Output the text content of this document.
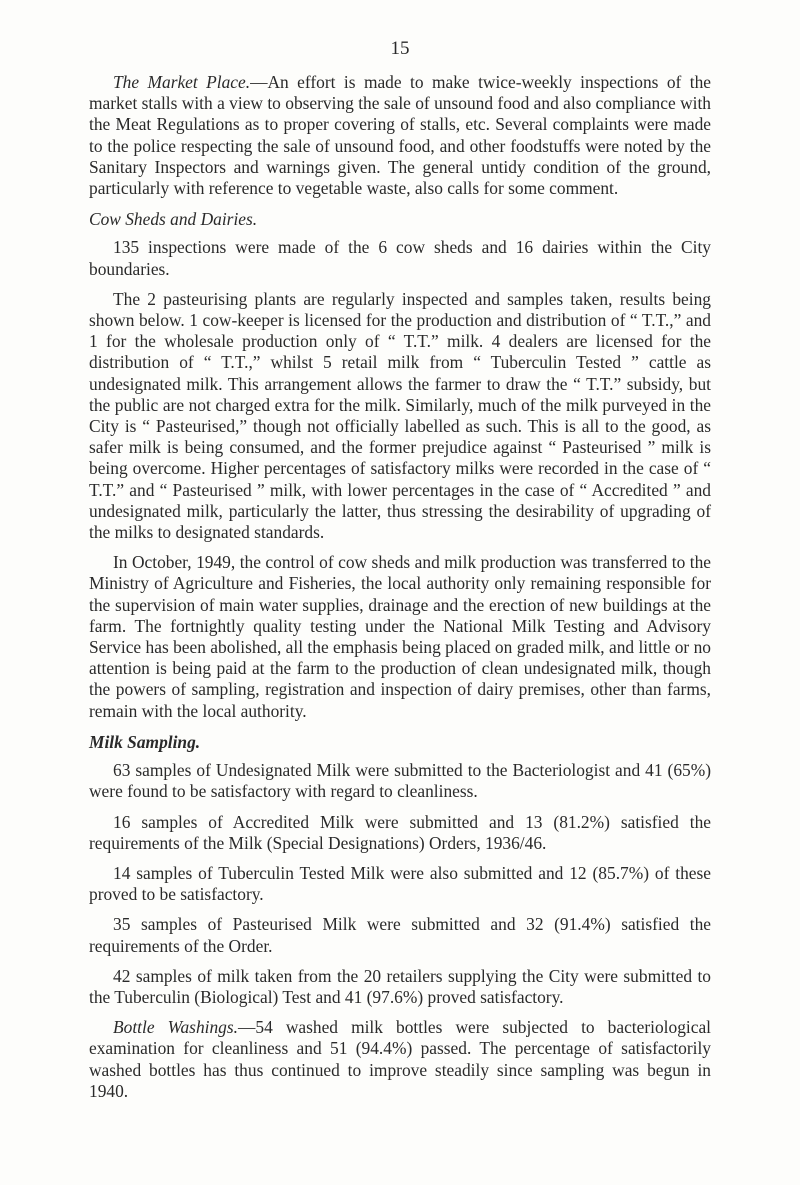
15

The Market Place.—An effort is made to make twice-weekly inspections of the market stalls with a view to observing the sale of unsound food and also compliance with the Meat Regulations as to proper covering of stalls, etc. Several complaints were made to the police respecting the sale of unsound food, and other foodstuffs were noted by the Sanitary Inspectors and warnings given. The general untidy condition of the ground, particularly with reference to vegetable waste, also calls for some comment.

Cow Sheds and Dairies.

135 inspections were made of the 6 cow sheds and 16 dairies within the City boundaries.

The 2 pasteurising plants are regularly inspected and samples taken, results being shown below. 1 cow-keeper is licensed for the production and distribution of “ T.T.,” and 1 for the wholesale production only of “ T.T.” milk. 4 dealers are licensed for the distribution of “ T.T.,” whilst 5 retail milk from “ Tuberculin Tested ” cattle as undesignated milk. This arrangement allows the farmer to draw the “ T.T.” subsidy, but the public are not charged extra for the milk. Similarly, much of the milk purveyed in the City is “ Pasteurised,” though not officially labelled as such. This is all to the good, as safer milk is being consumed, and the former prejudice against “ Pasteurised ” milk is being overcome. Higher percentages of satisfactory milks were recorded in the case of “ T.T.” and “ Pasteurised ” milk, with lower percentages in the case of “ Accredited ” and undesignated milk, particularly the latter, thus stressing the desirability of upgrading of the milks to designated standards.

In October, 1949, the control of cow sheds and milk production was transferred to the Ministry of Agriculture and Fisheries, the local authority only remaining responsible for the supervision of main water supplies, drainage and the erection of new buildings at the farm. The fortnightly quality testing under the National Milk Testing and Advisory Service has been abolished, all the emphasis being placed on graded milk, and little or no attention is being paid at the farm to the production of clean undesignated milk, though the powers of sampling, registration and inspection of dairy premises, other than farms, remain with the local authority.

Milk Sampling.

63 samples of Undesignated Milk were submitted to the Bacteriologist and 41 (65%) were found to be satisfactory with regard to cleanliness.

16 samples of Accredited Milk were submitted and 13 (81.2%) satisfied the requirements of the Milk (Special Designations) Orders, 1936/46.

14 samples of Tuberculin Tested Milk were also submitted and 12 (85.7%) of these proved to be satisfactory.

35 samples of Pasteurised Milk were submitted and 32 (91.4%) satisfied the requirements of the Order.

42 samples of milk taken from the 20 retailers supplying the City were submitted to the Tuberculin (Biological) Test and 41 (97.6%) proved satisfactory.

Bottle Washings.—54 washed milk bottles were subjected to bacteriological examination for cleanliness and 51 (94.4%) passed. The percentage of satisfactorily washed bottles has thus continued to improve steadily since sampling was begun in 1940.
